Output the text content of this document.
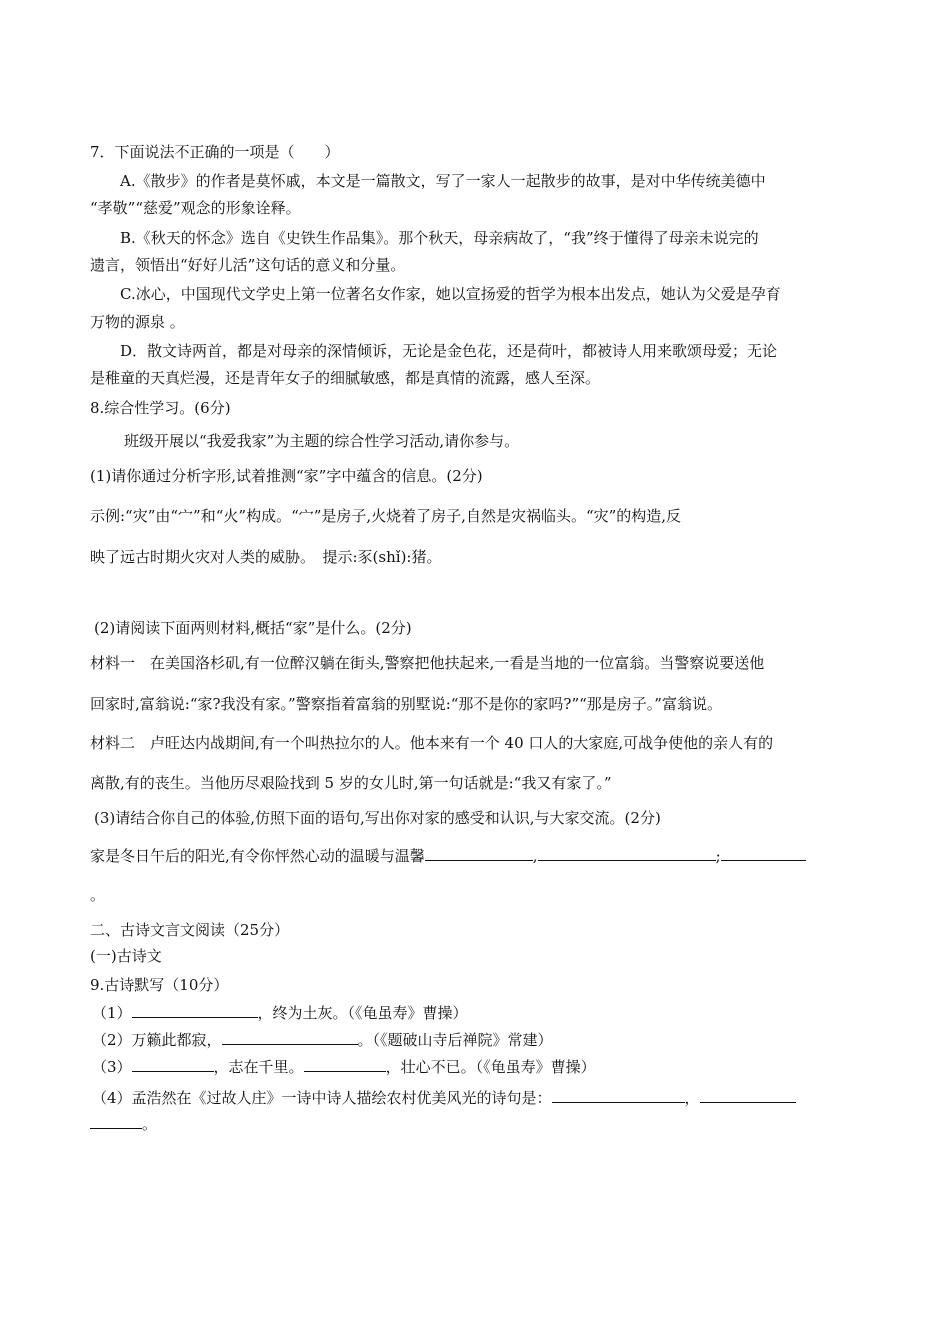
7．下面说法不正确的一项是（　　）
A.《散步》的作者是莫怀戚，本文是一篇散文，写了一家人一起散步的故事，是对中华传统美德中
“孝敬”“慈爱”观念的形象诠释。
B.《秋天的怀念》选自《史铁生作品集》。那个秋天，母亲病故了，“我”终于懂得了母亲未说完的
遗言，领悟出“好好儿活”这句话的意义和分量。
C.冰心，中国现代文学史上第一位著名女作家，她以宣扬爱的哲学为根本出发点，她认为父爱是孕育
万物的源泉 。
D．散文诗两首，都是对母亲的深情倾诉，无论是金色花，还是荷叶，都被诗人用来歌颂母爱；无论
是稚童的天真烂漫，还是青年女子的细腻敏感，都是真情的流露，感人至深。
8.综合性学习。(6分)
班级开展以“我爱我家”为主题的综合性学习活动,请你参与。
(1)请你通过分析字形,试着推测“家”字中蕴含的信息。(2分)
示例:“灾”由“宀”和“火”构成。“宀”是房子,火烧着了房子,自然是灾祸临头。“灾”的构造,反
映了远古时期火灾对人类的威胁。　提示:豕(shǐ):猪。
(2)请阅读下面两则材料,概括“家”是什么。(2分)
材料一　在美国洛杉矶,有一位醉汉躺在街头,警察把他扶起来,一看是当地的一位富翁。当警察说要送他
回家时,富翁说:“家?我没有家。”警察指着富翁的别墅说:“那不是你的家吗?”“那是房子。”富翁说。
材料二　卢旺达内战期间,有一个叫热拉尔的人。他本来有一个 40 口人的大家庭,可战争使他的亲人有的
离散,有的丧生。当他历尽艰险找到 5 岁的女儿时,第一句话就是:“我又有家了。”
(3)请结合你自己的体验,仿照下面的语句,写出你对家的感受和认识,与大家交流。(2分)
家是冬日午后的阳光,有令你怦然心动的温暖与温馨	,	;
。
二、古诗文言文阅读（25分）
(一)古诗文
9.古诗默写（10分）
（1）	，终为土灰。（《龟虽寿》曹操）
（2）万籁此都寂，	。（《题破山寺后禅院》常建）
（3）	，志在千里。	，壮心不已。（《龟虽寿》曹操）
（4）孟浩然在《过故人庄》一诗中诗人描绘农村优美风光的诗句是：	，
。
